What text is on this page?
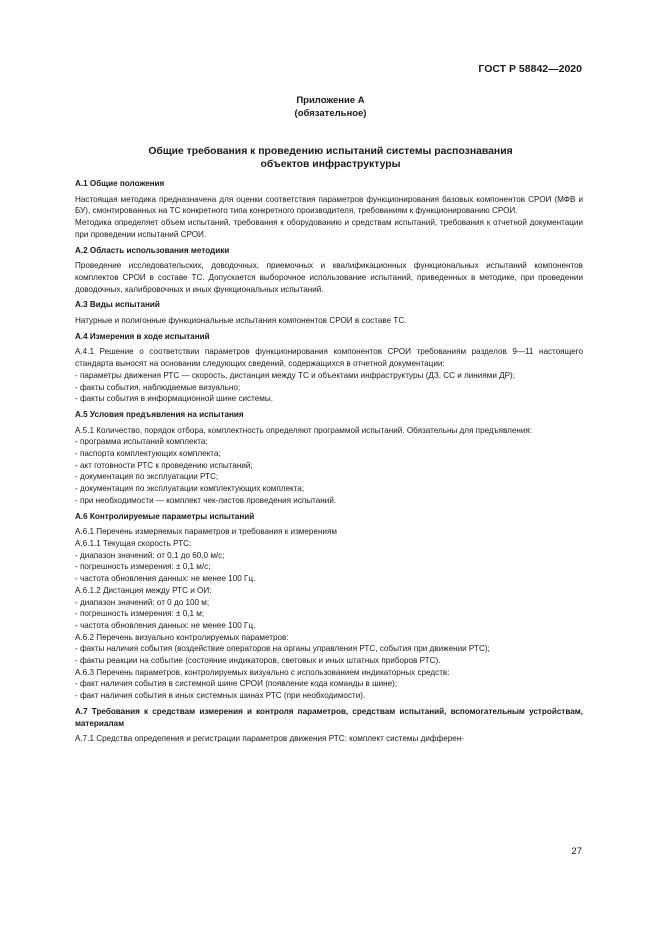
ГОСТ Р 58842—2020
Приложение А
(обязательное)
Общие требования к проведению испытаний системы распознавания
объектов инфраструктуры

А.1 Общие положения

Настоящая методика предназначена для оценки соответствия параметров функционирования базовых компонентов СРОИ (МФВ и БУ), смонтированных на ТС конкретного типа конкретного производителя, требованиям к функционированию СРОИ.

Методика определяет объем испытаний, требования к оборудованию и средствам испытаний, требования к отчетной документации при проведении испытаний СРОИ.

А.2 Область использования методики

Проведение исследовательских, доводочных, приемочных и квалификационных функциональных испытаний компонентов комплектов СРОИ в составе ТС. Допускается выборочное использование испытаний, приведенных в методике, при проведении доводочных, калибровочных и иных функциональных испытаний.

А.3 Виды испытаний

Натурные и полигонные функциональные испытания компонентов СРОИ в составе ТС.

А.4 Измерения в ходе испытаний

А.4.1 Решение о соответствии параметров функционирования компонентов СРОИ требованиям разделов 9—11 настоящего стандарта выносят на основании следующих сведений, содержащихся в отчетной документации:

- параметры движения РТС — скорость, дистанция между ТС и объектами инфраструктуры (ДЗ, СС и линиями ДР);

- факты события, наблюдаемые визуально;

- факты события в информационной шине системы.

А.5 Условия предъявления на испытания

А.5.1 Количество, порядок отбора, комплектность определяют программой испытаний. Обязательны для предъявления:

- программа испытаний комплекта;

- паспорта комплектующих комплекта;

- акт готовности РТС к проведению испытаний;

- документация по эксплуатации РТС;

- документация по эксплуатации комплектующих комплекта;

- при необходимости — комплект чек-листов проведения испытаний.

А.6 Контролируемые параметры испытаний

А.6.1 Перечень измеряемых параметров и требования к измерениям

А.6.1.1 Текущая скорость РТС:

- диапазон значений: от 0,1 до 60,0 м/с;

- погрешность измерения: ± 0,1 м/с;

- частота обновления данных: не менее 100 Гц.

А.6.1.2 Дистанция между РТС и ОИ:

- диапазон значений: от 0 до 100 м;

- погрешность измерения: ± 0,1 м;

- частота обновления данных: не менее 100 Гц.

А.6.2 Перечень визуально контролируемых параметров:

- факты наличия события (воздействие операторов на органы управления РТС, события при движении РТС);

- факты реакции на событие (состояние индикаторов, световых и иных штатных приборов РТС).

А.6.3 Перечень параметров, контролируемых визуально с использованием индикаторных средств:

- факт наличия события в системной шине СРОИ (появление кода команды в шине);

- факт наличия события в иных системных шинах РТС (при необходимости).

А.7 Требования к средствам измерения и контроля параметров, средствам испытаний, вспомогательным устройствам, материалам

А.7.1 Средства определения и регистрации параметров движения РТС: комплект системы дифферен-

27
